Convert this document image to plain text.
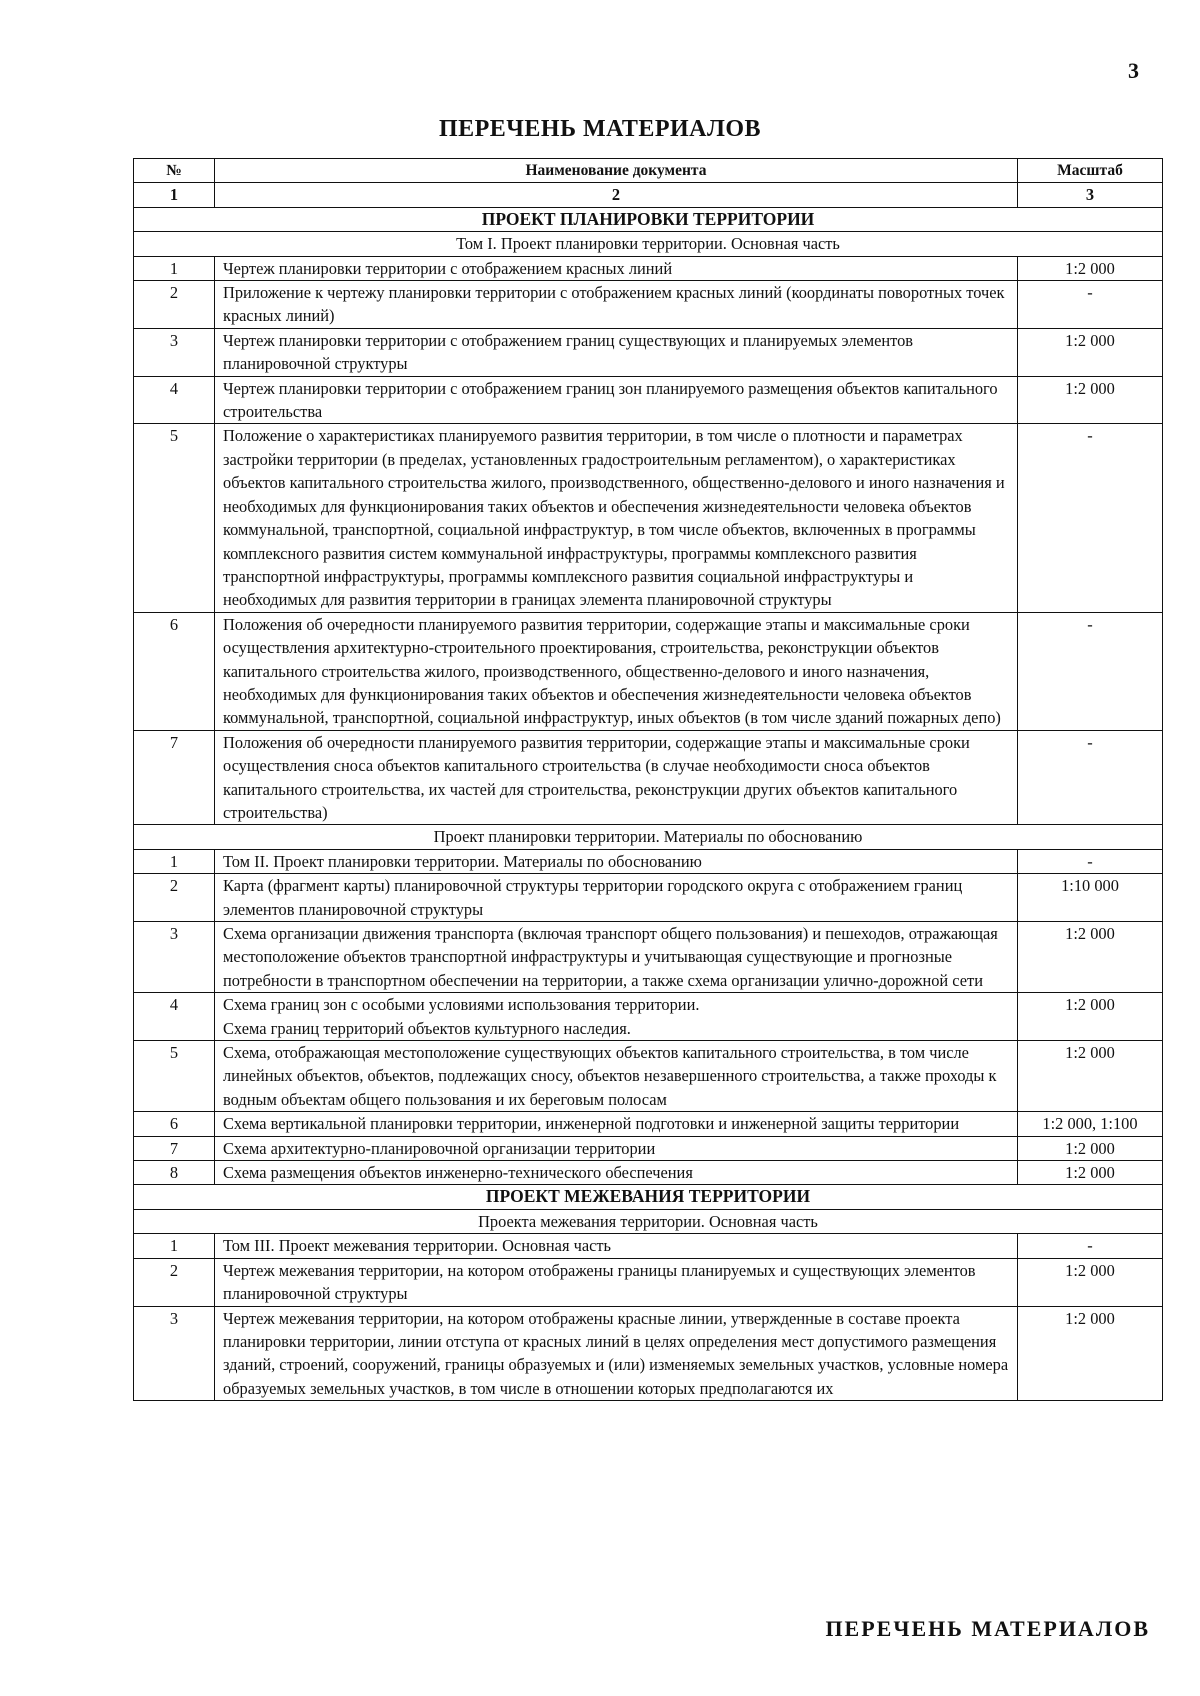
3
ПЕРЕЧЕНЬ МАТЕРИАЛОВ
№	Наименование документа	Масштаб
1	2	3
ПРОЕКТ ПЛАНИРОВКИ ТЕРРИТОРИИ		
Том I. Проект планировки территории. Основная часть		
1	Чертеж планировки территории с отображением красных линий	1:2 000
2	Приложение к чертежу планировки территории с отображением красных линий (координаты поворотных точек красных линий)	-
3	Чертеж планировки территории с отображением границ существующих и планируемых элементов планировочной структуры	1:2 000
4	Чертеж планировки территории с отображением границ зон планируемого размещения объектов капитального строительства	1:2 000
5	Положение о характеристиках планируемого развития территории, в том числе о плотности и параметрах застройки территории (в пределах, установленных градостроительным регламентом), о характеристиках объектов капитального строительства жилого, производственного, общественно-делового и иного назначения и необходимых для функционирования таких объектов и обеспечения жизнедеятельности человека объектов коммунальной, транспортной, социальной инфраструктур, в том числе объектов, включенных в программы комплексного развития систем коммунальной инфраструктуры, программы комплексного развития транспортной инфраструктуры, программы комплексного развития социальной инфраструктуры и необходимых для развития территории в границах элемента планировочной структуры	-
6	Положения об очередности планируемого развития территории, содержащие этапы и максимальные сроки осуществления архитектурно-строительного проектирования, строительства, реконструкции объектов капитального строительства жилого, производственного, общественно-делового и иного назначения, необходимых для функционирования таких объектов и обеспечения жизнедеятельности человека объектов коммунальной, транспортной, социальной инфраструктур, иных объектов (в том числе зданий пожарных депо)	-
7	Положения об очередности планируемого развития территории, содержащие этапы и максимальные сроки осуществления сноса объектов капитального строительства (в случае необходимости сноса объектов капитального строительства, их частей для строительства, реконструкции других объектов капитального строительства)	-
Проект планировки территории. Материалы по обоснованию		
1	Том II. Проект планировки территории. Материалы по обоснованию	-
2	Карта (фрагмент карты) планировочной структуры территории городского округа с отображением границ элементов планировочной структуры	1:10 000
3	Схема организации движения транспорта (включая транспорт общего пользования) и пешеходов, отражающая местоположение объектов транспортной инфраструктуры и учитывающая существующие и прогнозные потребности в транспортном обеспечении на территории, а также схема организации улично-дорожной сети	1:2 000
4	Схема границ зон с особыми условиями использования территории.
Схема границ территорий объектов культурного наследия.	1:2 000
5	Схема, отображающая местоположение существующих объектов капитального строительства, в том числе линейных объектов, объектов, подлежащих сносу, объектов незавершенного строительства, а также проходы к водным объектам общего пользования и их береговым полосам	1:2 000
6	Схема вертикальной планировки территории, инженерной подготовки и инженерной защиты территории	1:2 000, 1:100
7	Схема архитектурно-планировочной организации территории	1:2 000
8	Схема размещения объектов инженерно-технического обеспечения	1:2 000
ПРОЕКТ МЕЖЕВАНИЯ ТЕРРИТОРИИ		
Проекта межевания территории. Основная часть		
1	Том III. Проект межевания территории. Основная часть	-
2	Чертеж межевания территории, на котором отображены границы планируемых и существующих элементов планировочной структуры	1:2 000
3	Чертеж межевания территории, на котором отображены красные линии, утвержденные в составе проекта планировки территории, линии отступа от красных линий в целях определения мест допустимого размещения зданий, строений, сооружений, границы образуемых и (или) изменяемых земельных участков, условные номера образуемых земельных участков, в том числе в отношении которых предполагаются их	1:2 000
ПЕРЕЧЕНЬ МАТЕРИАЛОВ
